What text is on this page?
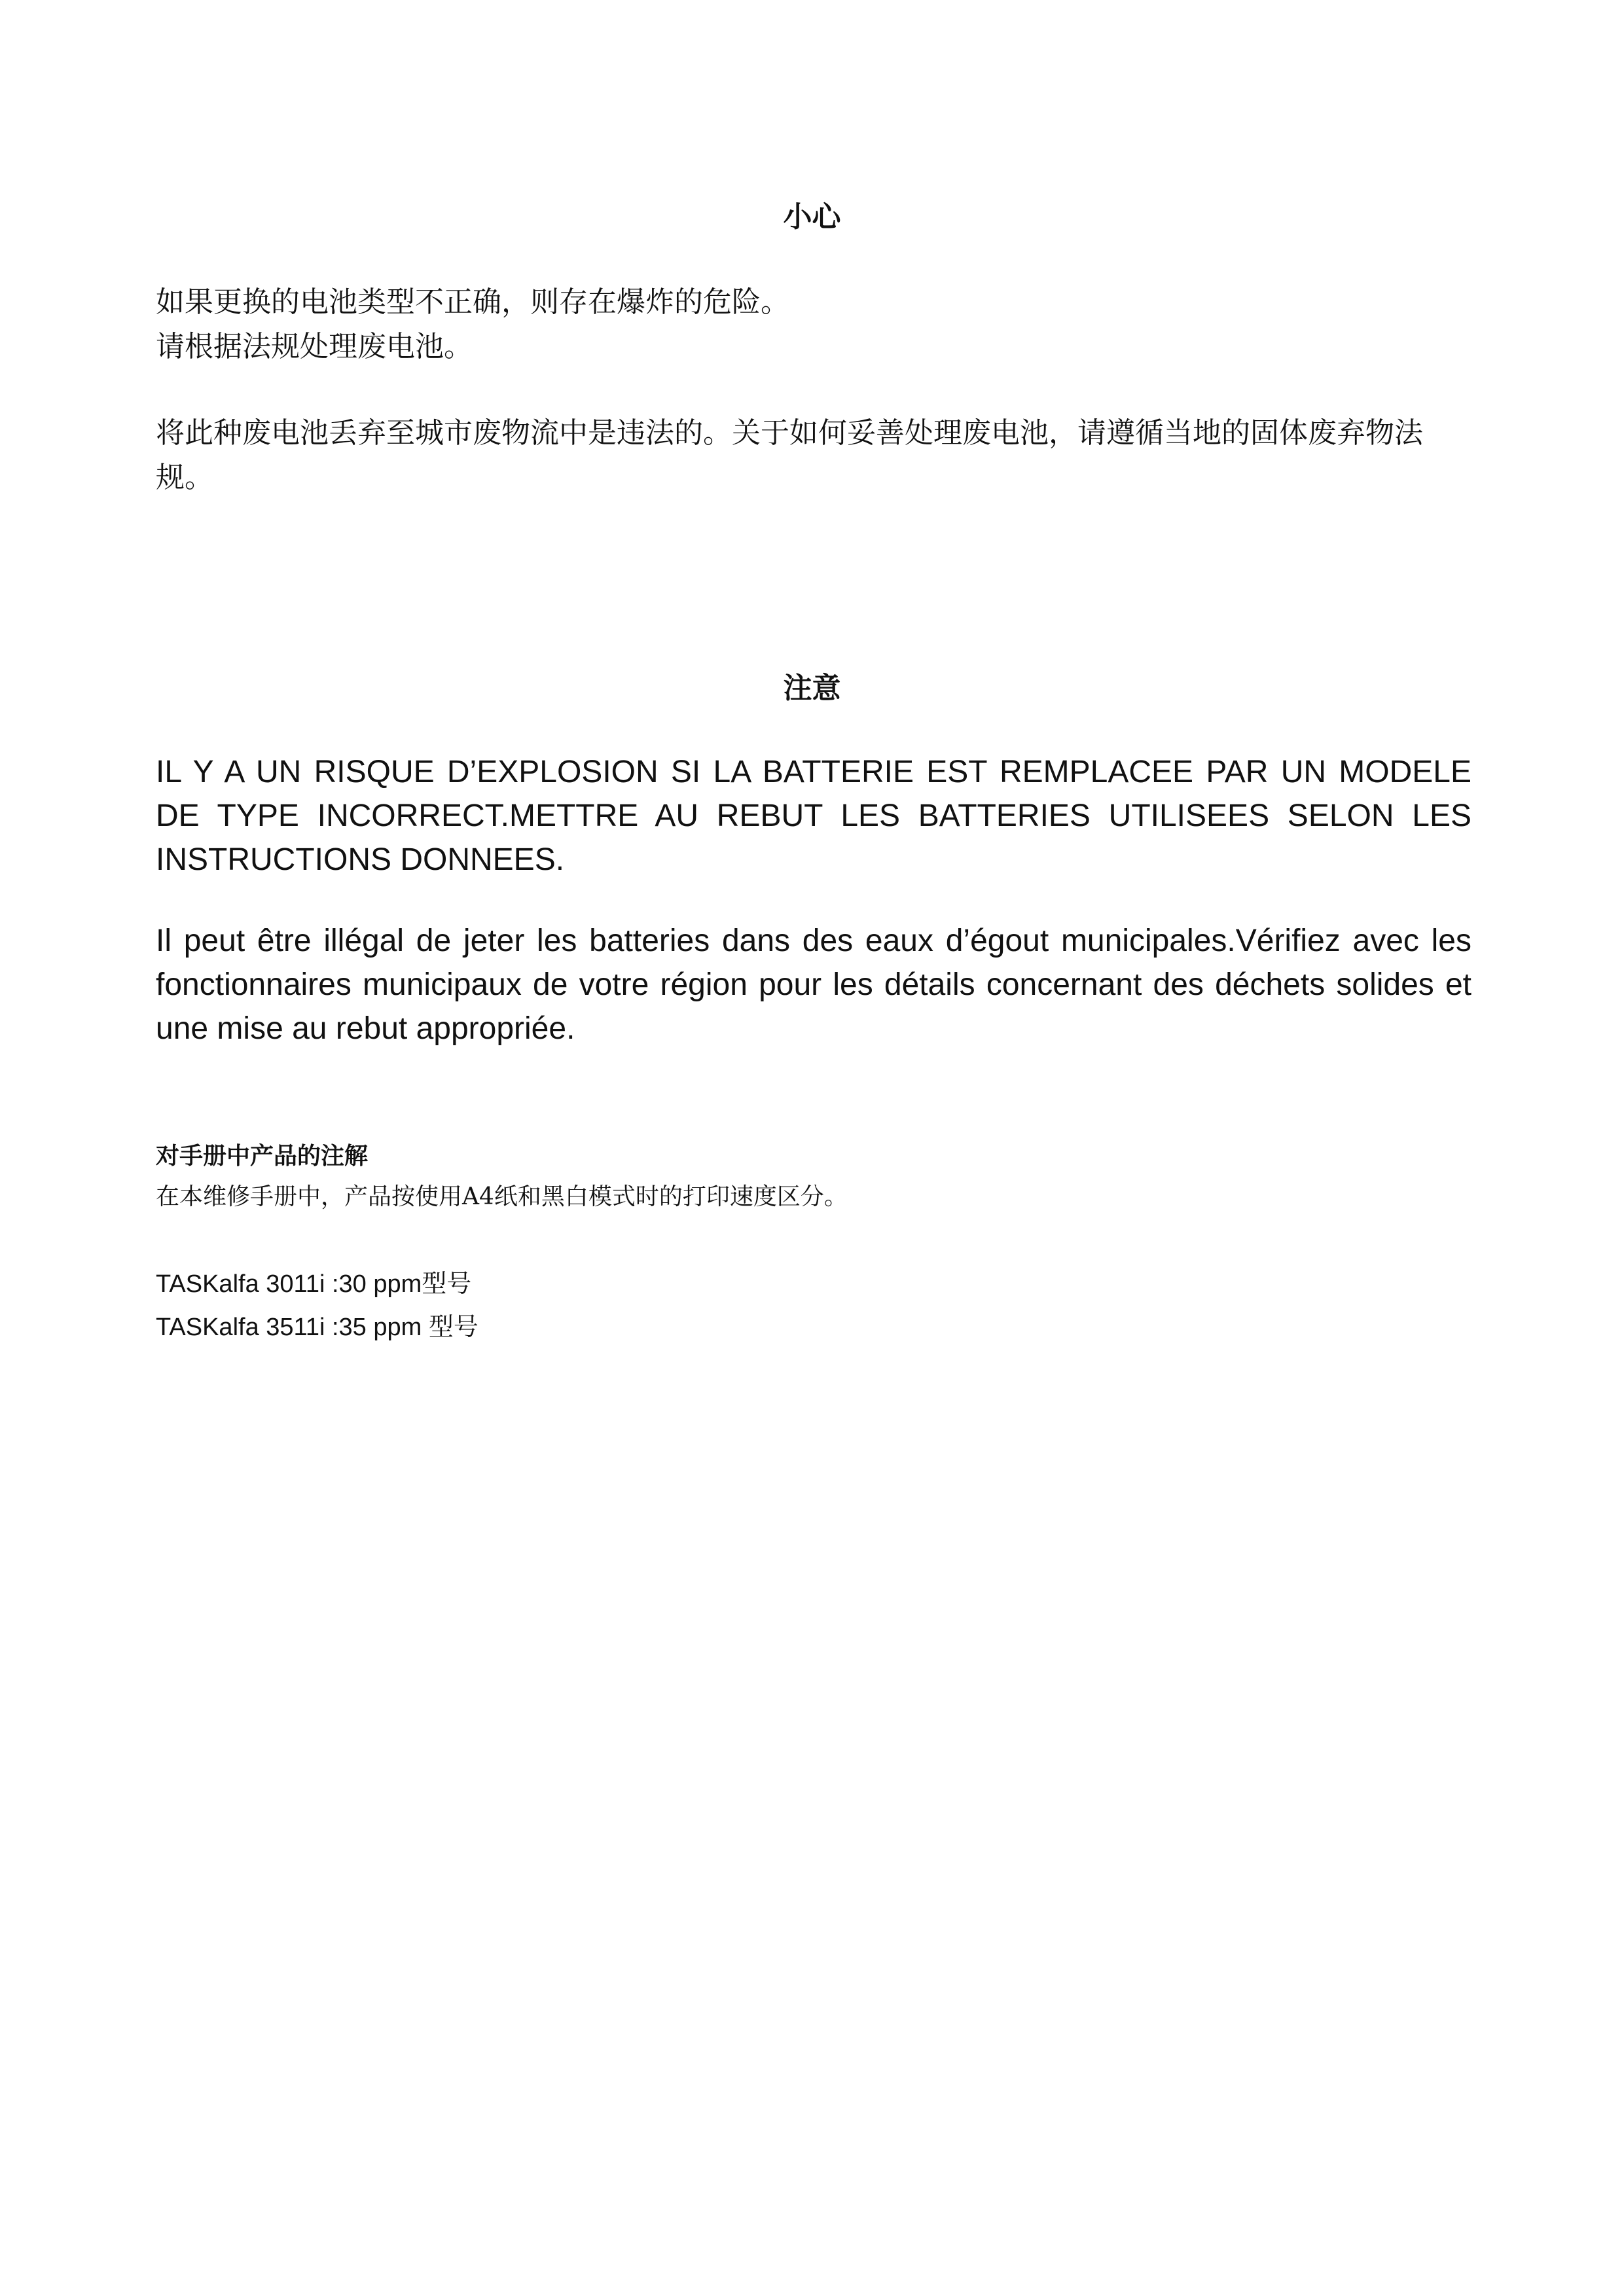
小心

如果更换的电池类型不正确，则存在爆炸的危险。

请根据法规处理废电池。

将此种废电池丢弃至城市废物流中是违法的。关于如何妥善处理废电池，请遵循当地的固体废弃物法规。

注意

IL Y A UN RISQUE D’EXPLOSION SI LA BATTERIE EST REMPLACEE PAR UN MODELE DE TYPE INCORRECT.METTRE AU REBUT LES BATTERIES UTILISEES SELON LES INSTRUCTIONS DONNEES.

Il peut être illégal de jeter les batteries dans des eaux d’égout municipales.Vérifiez avec les fonctionnaires municipaux de votre région pour les détails concernant des déchets solides et une mise au rebut appropriée.

对手册中产品的注解
在本维修手册中，产品按使用A4纸和黑白模式时的打印速度区分。
TASKalfa 3011i :30 ppm型号
TASKalfa 3511i :35 ppm 型号
